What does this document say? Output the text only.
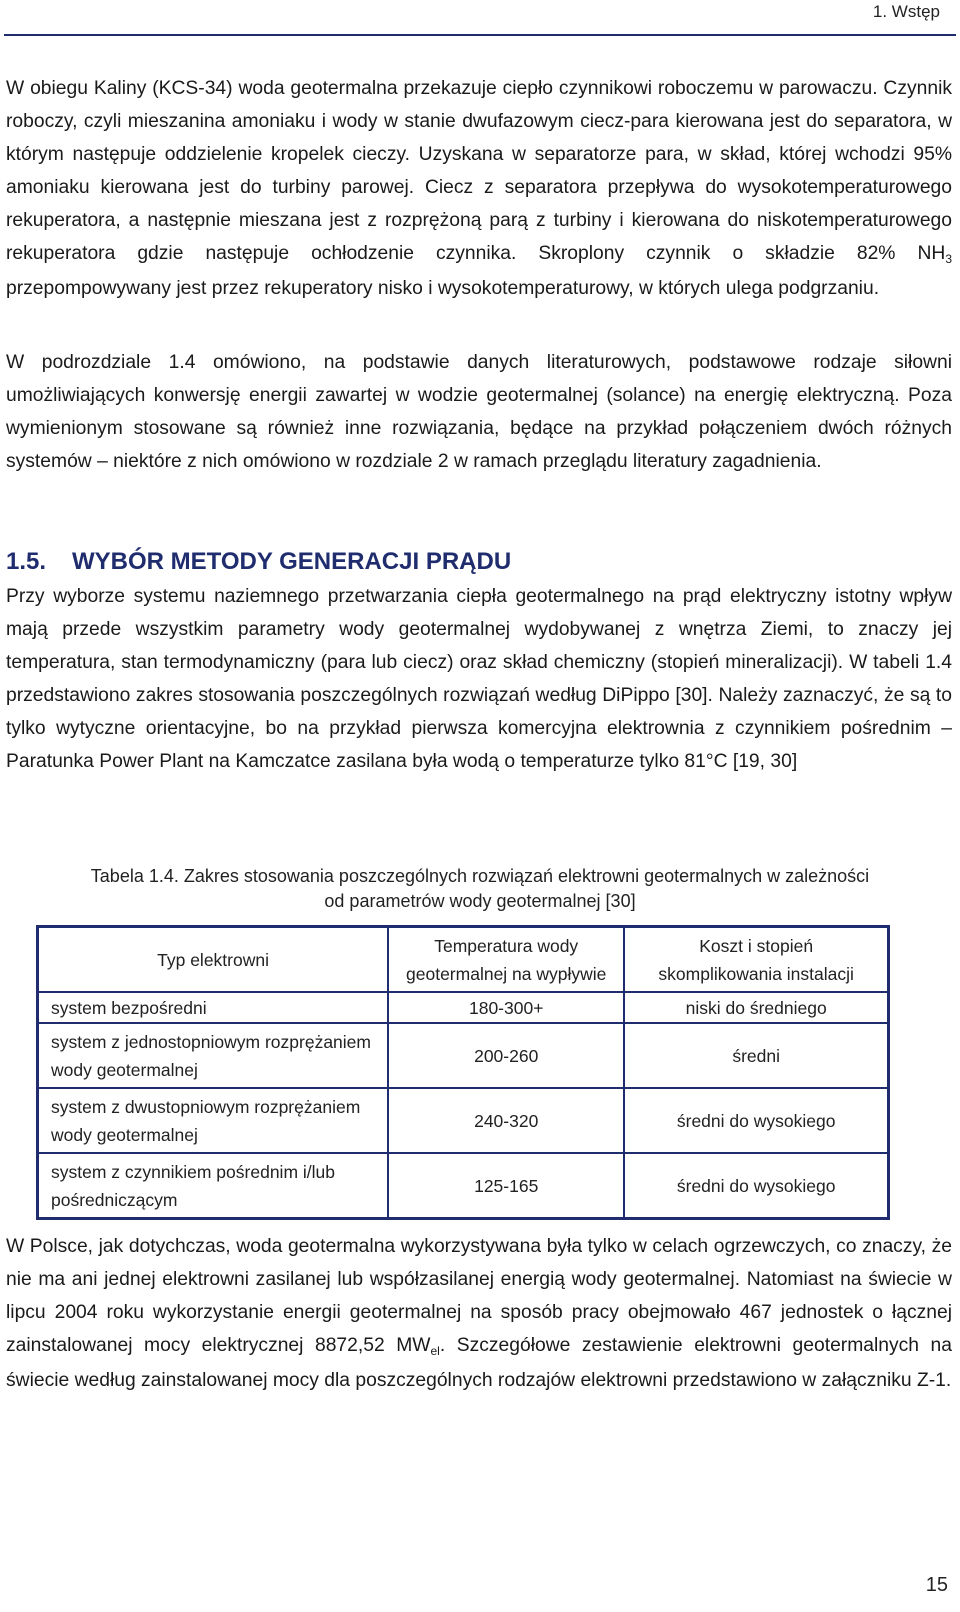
1. Wstęp

W obiegu Kaliny (KCS-34) woda geotermalna przekazuje ciepło czynnikowi roboczemu w parowaczu. Czynnik roboczy, czyli mieszanina amoniaku i wody w stanie dwufazowym ciecz-para kierowana jest do separatora, w którym następuje oddzielenie kropelek cieczy. Uzyskana w separatorze para, w skład, której wchodzi 95% amoniaku kierowana jest do turbiny parowej. Ciecz z separatora przepływa do wysokotemperaturowego rekuperatora, a następnie mieszana jest z rozprężoną parą z turbiny i kierowana do niskotemperaturowego rekuperatora gdzie następuje ochłodzenie czynnika. Skroplony czynnik o składzie 82% $NH_3$ przepompowywany jest przez rekuperatory nisko i wysokotemperaturowy, w których ulega podgrzaniu.

W podrozdziale 1.4 omówiono, na podstawie danych literaturowych, podstawowe rodzaje siłowni umożliwiających konwersję energii zawartej w wodzie geotermalnej (solance) na energię elektryczną. Poza wymienionym stosowane są również inne rozwiązania, będące na przykład połączeniem dwóch różnych systemów – niektóre z nich omówiono w rozdziale 2 w ramach przeglądu literatury zagadnienia.

1.5. WYBÓR METODY GENERACJI PRĄDU

Przy wyborze systemu naziemnego przetwarzania ciepła geotermalnego na prąd elektryczny istotny wpływ mają przede wszystkim parametry wody geotermalnej wydobywanej z wnętrza Ziemi, to znaczy jej temperatura, stan termodynamiczny (para lub ciecz) oraz skład chemiczny (stopień mineralizacji). W tabeli 1.4 przedstawiono zakres stosowania poszczególnych rozwiązań według DiPippo [30]. Należy zaznaczyć, że są to tylko wytyczne orientacyjne, bo na przykład pierwsza komercyjna elektrownia z czynnikiem pośrednim – Paratunka Power Plant na Kamczatce zasilana była wodą o temperaturze tylko 81°C [19, 30]

Tabela 1.4. Zakres stosowania poszczególnych rozwiązań elektrowni geotermalnych w zależności
od parametrów wody geotermalnej [30]
Typ elektrowni	Temperatura wody geotermalnej na wypływie	Koszt i stopień skomplikowania instalacji
system bezpośredni	180-300+	niski do średniego
system z jednostopniowym rozprężaniem wody geotermalnej	200-260	średni
system z dwustopniowym rozprężaniem wody geotermalnej	240-320	średni do wysokiego
system z czynnikiem pośrednim i/lub pośredniczącym	125-165	średni do wysokiego

W Polsce, jak dotychczas, woda geotermalna wykorzystywana była tylko w celach ogrzewczych, co znaczy, że nie ma ani jednej elektrowni zasilanej lub współzasilanej energią wody geotermalnej. Natomiast na świecie w lipcu 2004 roku wykorzystanie energii geotermalnej na sposób pracy obejmowało 467 jednostek o łącznej zainstalowanej mocy elektrycznej 8872,52 $MW_{el}$. Szczegółowe zestawienie elektrowni geotermalnych na świecie według zainstalowanej mocy dla poszczególnych rodzajów elektrowni przedstawiono w załączniku Z-1.

15
